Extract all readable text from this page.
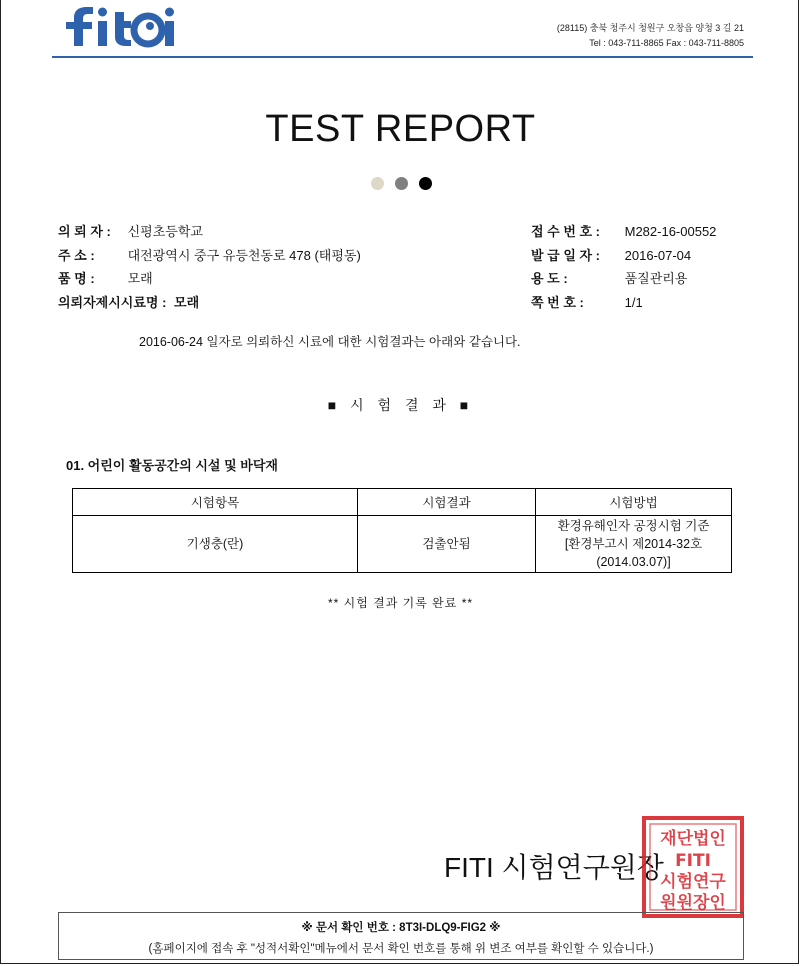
(28115) 충북 청주시 청원구 오창읍 양청 3 길 21
Tel : 043-711-8865 Fax : 043-711-8805
TEST REPORT
의 뢰 자 : 신평초등학교
주 소 :	대전광역시 중구 유등천동로 478 (태평동)
품 명 :	모래
의뢰자제시시료명 : 모래
접 수 번 호 : M282-16-00552
발 급 일 자 : 2016-07-04
용 도 :	품질관리용
쪽 번 호 :	1/1
2016-06-24 일자로 의뢰하신 시료에 대한 시험결과는 아래와 같습니다.
■ 시 험 결 과 ■
01. 어린이 활동공간의 시설 및 바닥재
시험항목	시험결과	시험방법
기생충(란)	검출안됨	환경유해인자 공정시험 기준
[환경부고시 제2014-32호
(2014.03.07)]
** 시험 결과 기록 완료 **
FITI 시험연구원장
재단법인
FITI
시험연구
원원장인
※ 문서 확인 번호 : 8T3I-DLQ9-FIG2 ※
(홈페이지에 접속 후 "성적서확인"메뉴에서 문서 확인 번호를 통해 위 변조 여부를 확인할 수 있습니다.)
